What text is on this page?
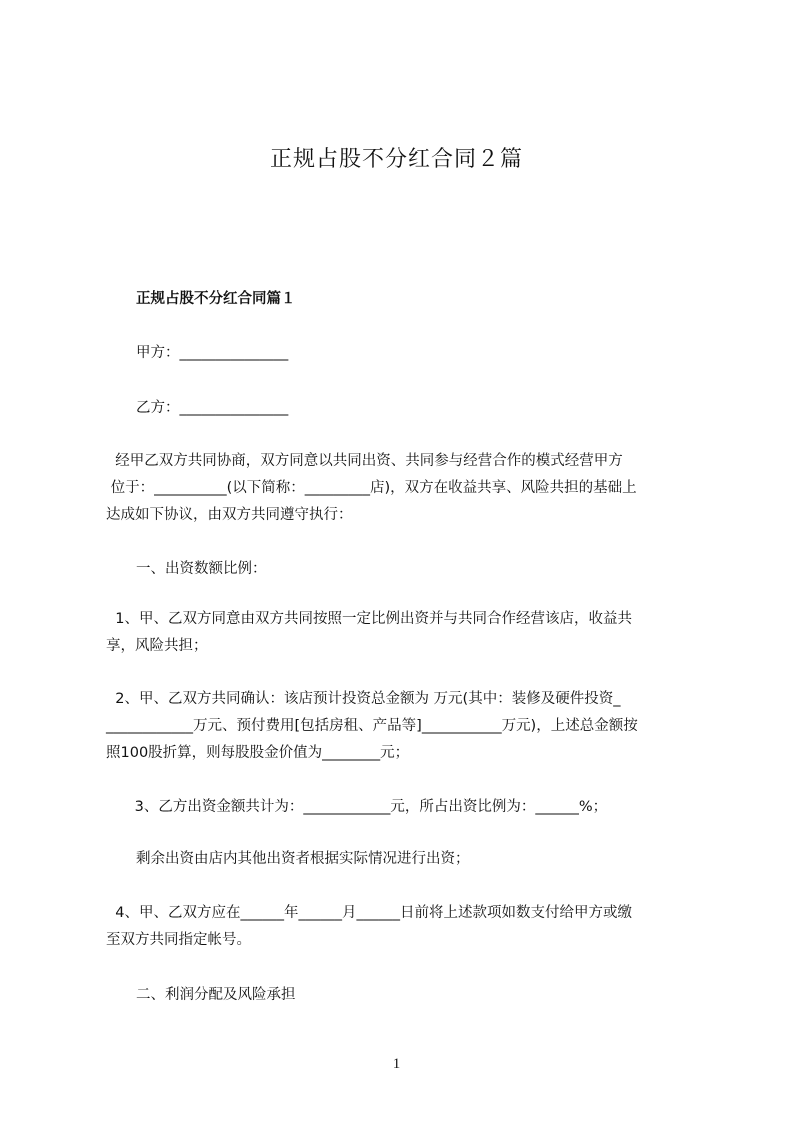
正规占股不分红合同２篇
正规占股不分红合同篇１
甲方：_______________
乙方：_______________
经甲乙双方共同协商，双方同意以共同出资、共同参与经营合作的模式经营甲方
位于：__________(以下简称：_________店)，双方在收益共享、风险共担的基础上
达成如下协议，由双方共同遵守执行：
一、出资数额比例：
1、甲、乙双方同意由双方共同按照一定比例出资并与共同合作经营该店，收益共
享，风险共担；
2、甲、乙双方共同确认：该店预计投资总金额为 万元(其中：装修及硬件投资_
____________万元、预付费用[包括房租、产品等]___________万元)，上述总金额按
照100股折算，则每股股金价值为________元；
3、乙方出资金额共计为：____________元，所占出资比例为：______%；
剩余出资由店内其他出资者根据实际情况进行出资；
4、甲、乙双方应在______年______月______日前将上述款项如数支付给甲方或缴
至双方共同指定帐号。
二、利润分配及风险承担
1
